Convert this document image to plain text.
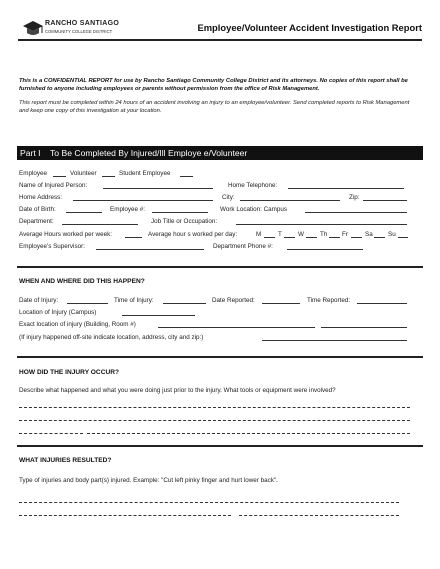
RANCHO SANTIAGO
COMMUNITY COLLEGE DISTRICT	Employee/Volunteer Accident Investigation Report
This is a CONFIDENTIAL REPORT for use by Rancho Santiago Community College District and its attorneys. No copies of this report shall be furnished to anyone including employees or parents without permission from the office of Risk Management.
This report must be completed within 24 hours of an accident involving an injury to an employee/volunteer. Send completed reports to Risk Management and keep one copy of this investigation at your location.
Part I To Be Completed By Injured/Ill Employe e/Volunteer
Employee	Volunteer	Student Employee
Name of Injured Person:	Home Telephone:
Home Address:	City:	Zip:
Date of Birth:	Employee #:	Work Location: Campus
Department:	Job Title or Occupation:
Average Hours worked per week:	Average hour s worked per day:	M	T	W	Th Fr	Sa Su
Employee's Supervisor:	Department Phone #:
WHEN AND WHERE DID THIS HAPPEN?
Date of Injury:	Time of Injury:	Date Reported:	Time Reported:
Location of Injury (Campus)
Exact location of injury (Building, Room #)
(If injury happened off-site indicate location, address, city and zip:)
HOW DID THE INJURY OCCUR?
Describe what happened and what you were doing just prior to the injury. What tools or equipment were involved?
WHAT INJURIES RESULTED?
Type of injuries and body part(s) injured. Example: "Cut left pinky finger and hurt lower back".
